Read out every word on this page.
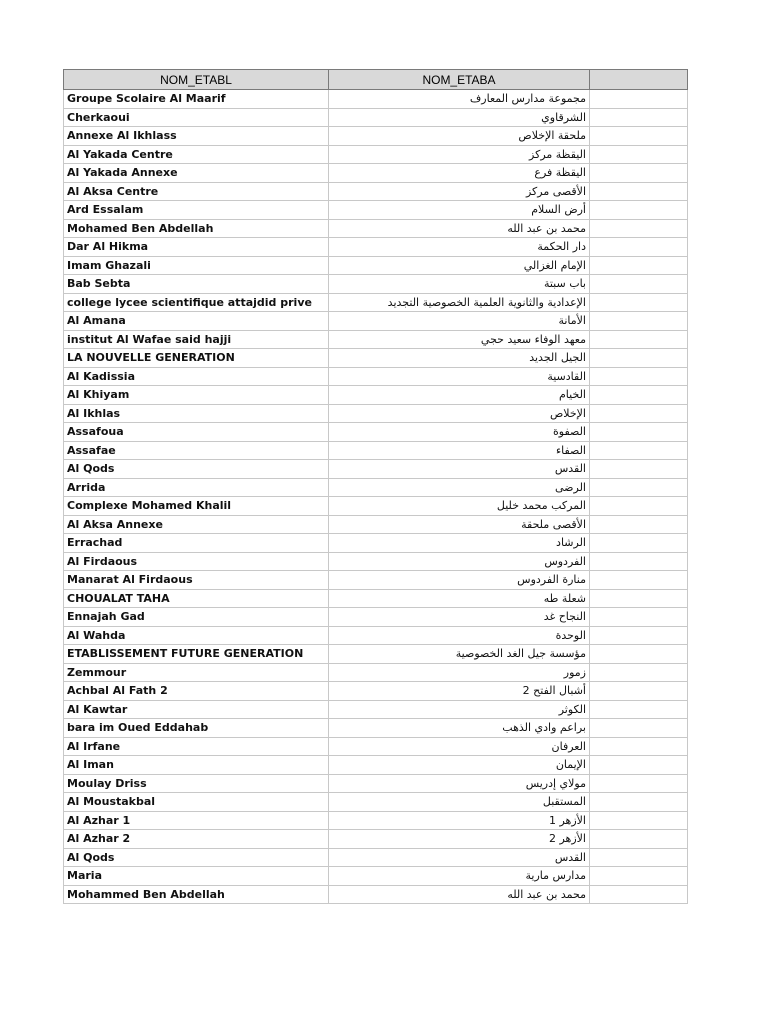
NOM_ETABL	NOM_ETABA	
Groupe Scolaire Al Maarif	مجموعة مدارس المعارف	
Cherkaoui	الشرقاوي	
Annexe Al Ikhlass	ملحقة الإخلاص	
Al Yakada Centre	اليقظة مركز	
Al Yakada Annexe	اليقظة فرع	
Al Aksa Centre	الأقصى مركز	
Ard Essalam	أرض السلام	
Mohamed Ben Abdellah	محمد بن عبد الله	
Dar Al Hikma	دار الحكمة	
Imam Ghazali	الإمام الغزالي	
Bab Sebta	باب سبتة	
college lycee scientifique attajdid prive	الإعدادية والثانوية العلمية الخصوصية التجديد	
Al Amana	الأمانة	
institut Al Wafae said hajji	معهد الوفاء سعيد حجي	
LA NOUVELLE GENERATION	الجيل الجديد	
Al Kadissia	القادسية	
Al Khiyam	الخيام	
Al Ikhlas	الإخلاص	
Assafoua	الصفوة	
Assafae	الصفاء	
Al Qods	القدس	
Arrida	الرضى	
Complexe Mohamed Khalil	المركب محمد خليل	
Al Aksa Annexe	الأقصى ملحقة	
Errachad	الرشاد	
Al Firdaous	الفردوس	
Manarat Al Firdaous	منارة الفردوس	
CHOUALAT TAHA	شعلة طه	
Ennajah Gad	النجاح غد	
Al Wahda	الوحدة	
ETABLISSEMENT FUTURE GENERATION	مؤسسة جيل الغد الخصوصية	
Zemmour	زمور	
Achbal Al Fath 2	أشبال الفتح 2	
Al Kawtar	الكوثر	
bara im Oued Eddahab	براعم وادي الذهب	
Al Irfane	العرفان	
Al Iman	الإيمان	
Moulay Driss	مولاي إدريس	
Al Moustakbal	المستقبل	
Al Azhar 1	الأزهر 1	
Al Azhar 2	الأزهر 2	
Al Qods	القدس	
Maria	مدارس مارية	
Mohammed Ben Abdellah	محمد بن عبد الله	
